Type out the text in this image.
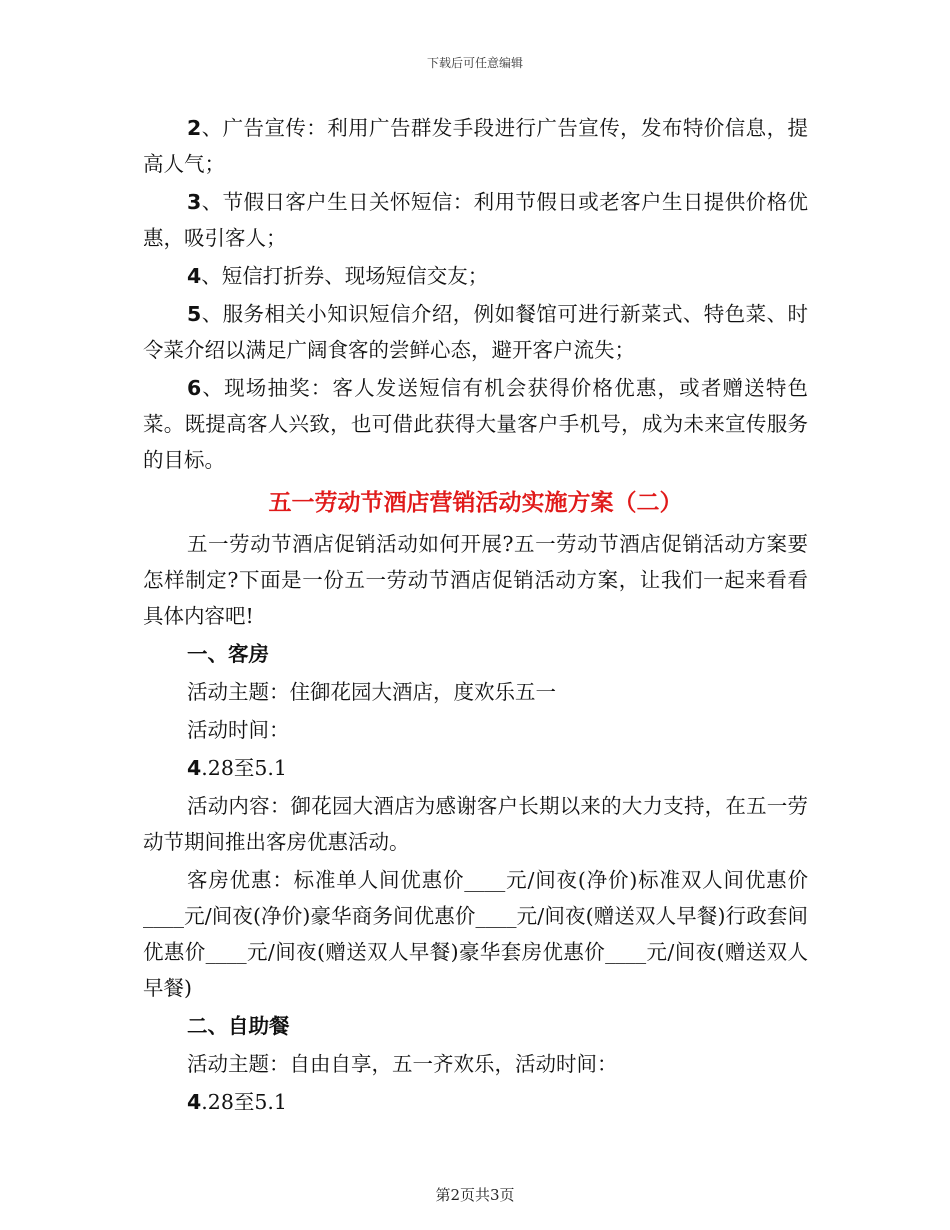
下载后可任意编辑

2、广告宣传：利用广告群发手段进行广告宣传，发布特价信息，提高人气；

3、节假日客户生日关怀短信：利用节假日或老客户生日提供价格优惠，吸引客人；

4、短信打折券、现场短信交友；

5、服务相关小知识短信介绍，例如餐馆可进行新菜式、特色菜、时令菜介绍以满足广阔食客的尝鲜心态，避开客户流失；

6、现场抽奖：客人发送短信有机会获得价格优惠，或者赠送特色菜。既提高客人兴致，也可借此获得大量客户手机号，成为未来宣传服务的目标。

五一劳动节酒店营销活动实施方案（二）

五一劳动节酒店促销活动如何开展?五一劳动节酒店促销活动方案要怎样制定?下面是一份五一劳动节酒店促销活动方案，让我们一起来看看具体内容吧!

一、客房

活动主题：住御花园大酒店，度欢乐五一

活动时间：

4.28至5.1

活动内容：御花园大酒店为感谢客户长期以来的大力支持，在五一劳动节期间推出客房优惠活动。

客房优惠：标准单人间优惠价____元/间夜(净价)标准双人间优惠价____元/间夜(净价)豪华商务间优惠价____元/间夜(赠送双人早餐)行政套间优惠价____元/间夜(赠送双人早餐)豪华套房优惠价____元/间夜(赠送双人早餐)

二、自助餐

活动主题：自由自享，五一齐欢乐，活动时间：

4.28至5.1

第2页共3页
